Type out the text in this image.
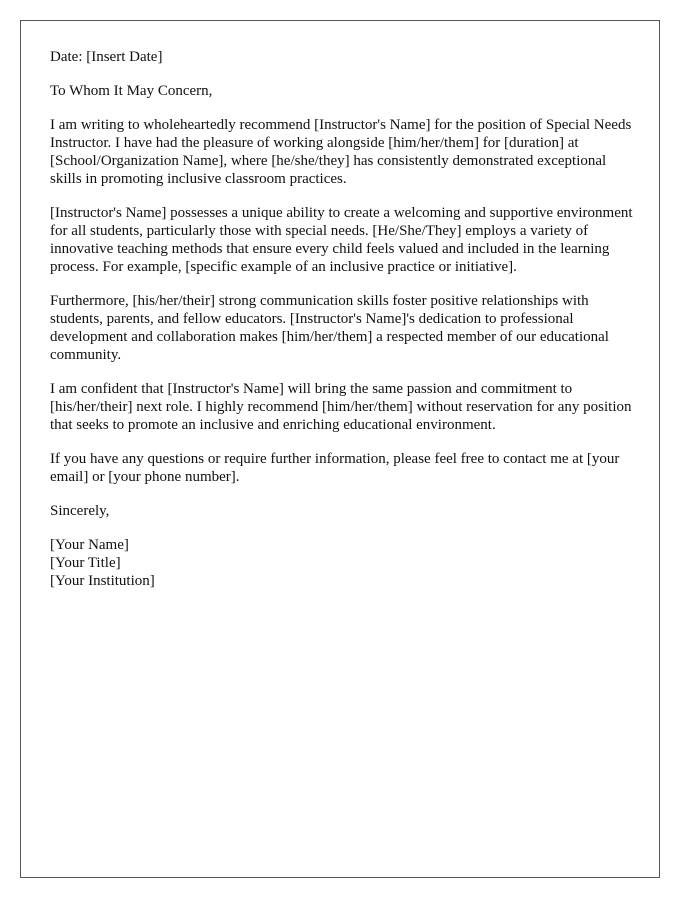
Date: [Insert Date]

To Whom It May Concern,

I am writing to wholeheartedly recommend [Instructor's Name] for the position of Special Needs Instructor. I have had the pleasure of working alongside [him/her/them] for [duration] at [School/Organization Name], where [he/she/they] has consistently demonstrated exceptional skills in promoting inclusive classroom practices.

[Instructor's Name] possesses a unique ability to create a welcoming and supportive environment for all students, particularly those with special needs. [He/She/They] employs a variety of innovative teaching methods that ensure every child feels valued and included in the learning process. For example, [specific example of an inclusive practice or initiative].

Furthermore, [his/her/their] strong communication skills foster positive relationships with students, parents, and fellow educators. [Instructor's Name]'s dedication to professional development and collaboration makes [him/her/them] a respected member of our educational community.

I am confident that [Instructor's Name] will bring the same passion and commitment to [his/her/their] next role. I highly recommend [him/her/them] without reservation for any position that seeks to promote an inclusive and enriching educational environment.

If you have any questions or require further information, please feel free to contact me at [your email] or [your phone number].

Sincerely,

[Your Name]

[Your Title]

[Your Institution]
